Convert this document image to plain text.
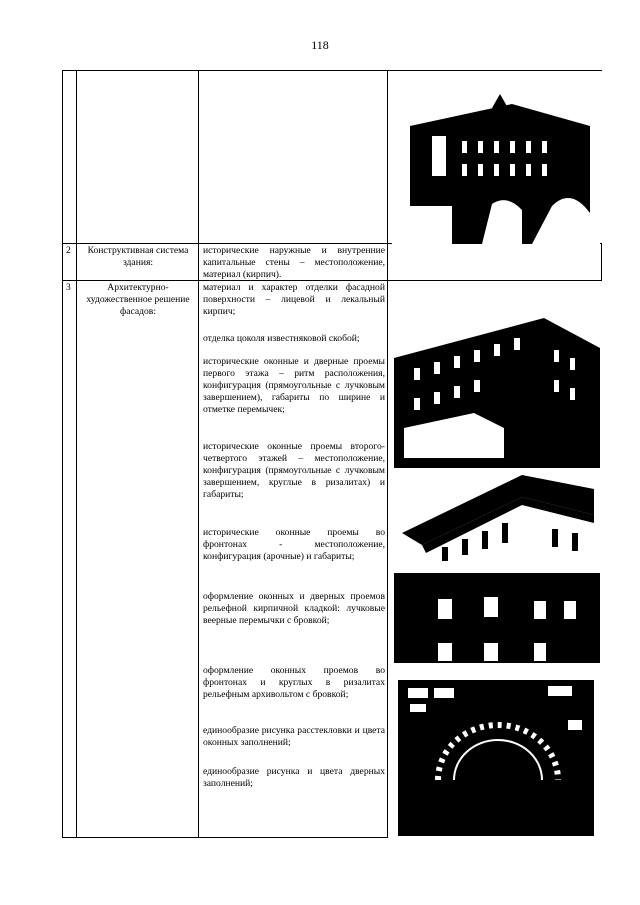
118
2	Конструктивная система здания:

исторические наружные и внутренние капитальные стены – местоположение, материал (кирпич).

3	Архитектурно-художественное решение фасадов:

материал и характер отделки фасадной поверхности – лицевой и лекальный кирпич;

отделка цоколя известняковой скобой;

исторические оконные и дверные проемы первого этажа – ритм расположения, конфигурация (прямоугольные с лучковым завершением), габариты по ширине и отметке перемычек;

исторические оконные проемы второго-четвертого этажей – местоположение, конфигурация (прямоугольные с лучковым завершением, круглые в ризалитах) и габариты;

исторические оконные проемы во фронтонах - местоположение, конфигурация (арочные) и габариты;

оформление оконных и дверных проемов рельефной кирпичной кладкой: лучковые веерные перемычки с бровкой;

оформление оконных проемов во фронтонах и круглых в ризалитах рельефным архивольтом с бровкой;

единообразие рисунка расстекловки и цвета оконных заполнений;

единообразие рисунка и цвета дверных заполнений;
